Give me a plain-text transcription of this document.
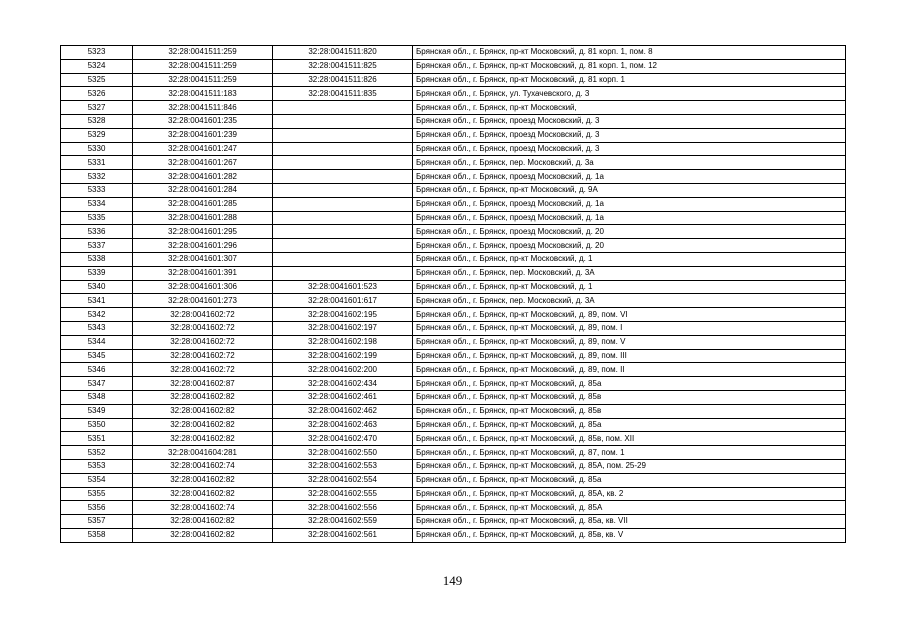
5323	32:28:0041511:259	32:28:0041511:820	Брянская обл., г. Брянск, пр-кт Московский, д. 81 корп. 1, пом. 8
5324	32:28:0041511:259	32:28:0041511:825	Брянская обл., г. Брянск, пр-кт Московский, д. 81 корп. 1, пом. 12
5325	32:28:0041511:259	32:28:0041511:826	Брянская обл., г. Брянск, пр-кт Московский, д. 81 корп. 1
5326	32:28:0041511:183	32:28:0041511:835	Брянская обл., г. Брянск, ул. Тухачевского, д. 3
5327	32:28:0041511:846		Брянская обл., г. Брянск, пр-кт Московский,
5328	32:28:0041601:235		Брянская обл., г. Брянск, проезд Московский, д. 3
5329	32:28:0041601:239		Брянская обл., г. Брянск, проезд Московский, д. 3
5330	32:28:0041601:247		Брянская обл., г. Брянск, проезд Московский, д. 3
5331	32:28:0041601:267		Брянская обл., г. Брянск, пер. Московский, д. 3а
5332	32:28:0041601:282		Брянская обл., г. Брянск, проезд Московский, д. 1а
5333	32:28:0041601:284		Брянская обл., г. Брянск, пр-кт Московский, д. 9А
5334	32:28:0041601:285		Брянская обл., г. Брянск, проезд Московский, д. 1а
5335	32:28:0041601:288		Брянская обл., г. Брянск, проезд Московский, д. 1а
5336	32:28:0041601:295		Брянская обл., г. Брянск, проезд Московский, д. 20
5337	32:28:0041601:296		Брянская обл., г. Брянск, проезд Московский, д. 20
5338	32:28:0041601:307		Брянская обл., г. Брянск, пр-кт Московский, д. 1
5339	32:28:0041601:391		Брянская обл., г. Брянск, пер. Московский, д. 3А
5340	32:28:0041601:306	32:28:0041601:523	Брянская обл., г. Брянск, пр-кт Московский, д. 1
5341	32:28:0041601:273	32:28:0041601:617	Брянская обл., г. Брянск, пер. Московский, д. 3А
5342	32:28:0041602:72	32:28:0041602:195	Брянская обл., г. Брянск, пр-кт Московский, д. 89, пом. VI
5343	32:28:0041602:72	32:28:0041602:197	Брянская обл., г. Брянск, пр-кт Московский, д. 89, пом. I
5344	32:28:0041602:72	32:28:0041602:198	Брянская обл., г. Брянск, пр-кт Московский, д. 89, пом. V
5345	32:28:0041602:72	32:28:0041602:199	Брянская обл., г. Брянск, пр-кт Московский, д. 89, пом. III
5346	32:28:0041602:72	32:28:0041602:200	Брянская обл., г. Брянск, пр-кт Московский, д. 89, пом. II
5347	32:28:0041602:87	32:28:0041602:434	Брянская обл., г. Брянск, пр-кт Московский, д. 85а
5348	32:28:0041602:82	32:28:0041602:461	Брянская обл., г. Брянск, пр-кт Московский, д. 85в
5349	32:28:0041602:82	32:28:0041602:462	Брянская обл., г. Брянск, пр-кт Московский, д. 85в
5350	32:28:0041602:82	32:28:0041602:463	Брянская обл., г. Брянск, пр-кт Московский, д. 85а
5351	32:28:0041602:82	32:28:0041602:470	Брянская обл., г. Брянск, пр-кт Московский, д. 85в, пом. XII
5352	32:28:0041604:281	32:28:0041602:550	Брянская обл., г. Брянск, пр-кт Московский, д. 87, пом. 1
5353	32:28:0041602:74	32:28:0041602:553	Брянская обл., г. Брянск, пр-кт Московский, д. 85А, пом. 25-29
5354	32:28:0041602:82	32:28:0041602:554	Брянская обл., г. Брянск, пр-кт Московский, д. 85а
5355	32:28:0041602:82	32:28:0041602:555	Брянская обл., г. Брянск, пр-кт Московский, д. 85А, кв. 2
5356	32:28:0041602:74	32:28:0041602:556	Брянская обл., г. Брянск, пр-кт Московский, д. 85А
5357	32:28:0041602:82	32:28:0041602:559	Брянская обл., г. Брянск, пр-кт Московский, д. 85а, кв. VII
5358	32:28:0041602:82	32:28:0041602:561	Брянская обл., г. Брянск, пр-кт Московский, д. 85в, кв. V
149
